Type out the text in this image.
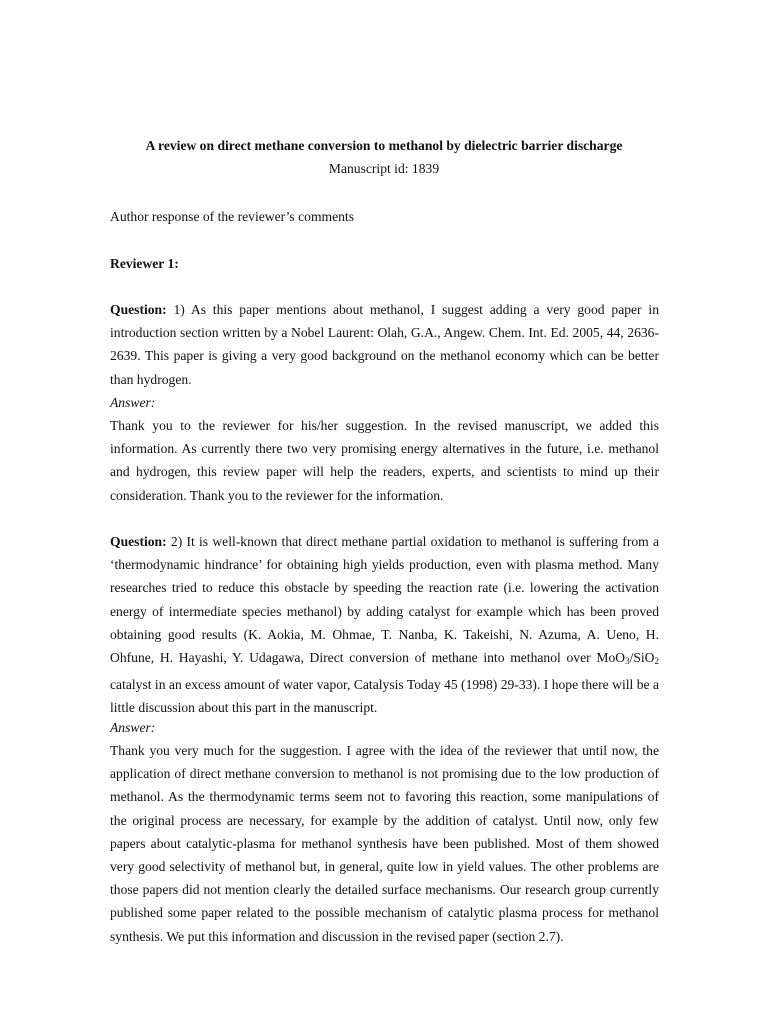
A review on direct methane conversion to methanol by dielectric barrier discharge
Manuscript id: 1839
Author response of the reviewer’s comments
Reviewer 1:
Question: 1) As this paper mentions about methanol, I suggest adding a very good paper in introduction section written by a Nobel Laurent: Olah, G.A., Angew. Chem. Int. Ed. 2005, 44, 2636-2639. This paper is giving a very good background on the methanol economy which can be better than hydrogen.
Answer:
Thank you to the reviewer for his/her suggestion. In the revised manuscript, we added this information. As currently there two very promising energy alternatives in the future, i.e. methanol and hydrogen, this review paper will help the readers, experts, and scientists to mind up their consideration. Thank you to the reviewer for the information.
Question: 2) It is well-known that direct methane partial oxidation to methanol is suffering from a ‘thermodynamic hindrance’ for obtaining high yields production, even with plasma method. Many researches tried to reduce this obstacle by speeding the reaction rate (i.e. lowering the activation energy of intermediate species methanol) by adding catalyst for example which has been proved obtaining good results (K. Aokia, M. Ohmae, T. Nanba, K. Takeishi, N. Azuma, A. Ueno, H. Ohfune, H. Hayashi, Y. Udagawa, Direct conversion of methane into methanol over MoO$_3$/SiO$_2$ catalyst in an excess amount of water vapor, Catalysis Today 45 (1998) 29-33). I hope there will be a little discussion about this part in the manuscript.
Answer:
Thank you very much for the suggestion. I agree with the idea of the reviewer that until now, the application of direct methane conversion to methanol is not promising due to the low production of methanol. As the thermodynamic terms seem not to favoring this reaction, some manipulations of the original process are necessary, for example by the addition of catalyst. Until now, only few papers about catalytic-plasma for methanol synthesis have been published. Most of them showed very good selectivity of methanol but, in general, quite low in yield values. The other problems are those papers did not mention clearly the detailed surface mechanisms. Our research group currently published some paper related to the possible mechanism of catalytic plasma process for methanol synthesis. We put this information and discussion in the revised paper (section 2.7).
